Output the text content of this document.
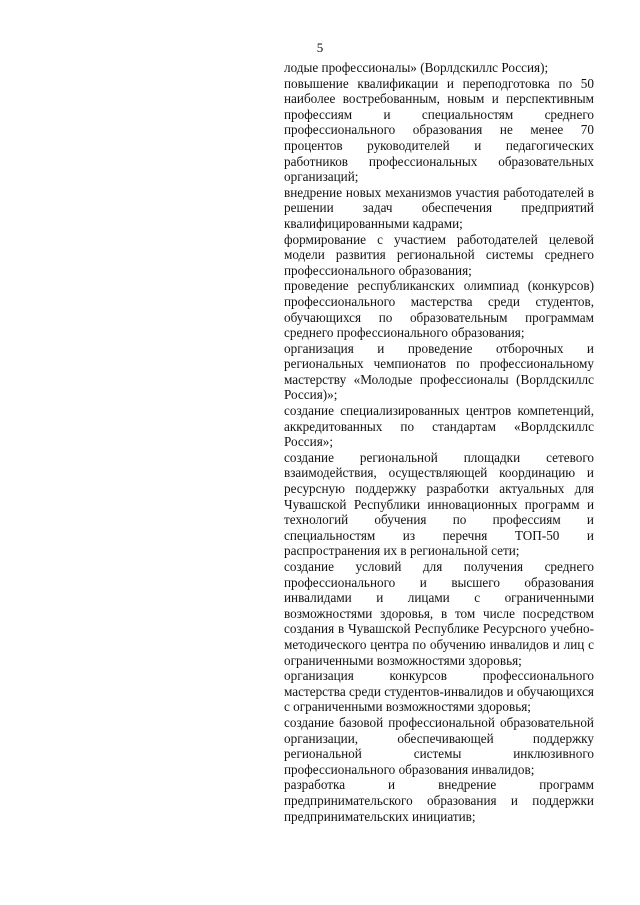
5

лодые профессионалы» (Ворлдскиллс Россия);

повышение квалификации и переподготовка по 50 наиболее востребованным, новым и перспективным профессиям и специальностям среднего профессионального образования не менее 70 процентов руководителей и педагогических работников профессиональных образовательных организаций;

внедрение новых механизмов участия работодателей в решении задач обеспечения предприятий квалифицированными кадрами;

формирование с участием работодателей целевой модели развития региональной системы среднего профессионального образования;

проведение республиканских олимпиад (конкурсов) профессионального мастерства среди студентов, обучающихся по образовательным программам среднего профессионального образования;

организация и проведение отборочных и региональных чемпионатов по профессиональному мастерству «Молодые профессионалы (Ворлдскиллс Россия)»;

создание специализированных центров компетенций, аккредитованных по стандартам «Ворлдскиллс Россия»;

создание региональной площадки сетевого взаимодействия, осуществляющей координацию и ресурсную поддержку разработки актуальных для Чувашской Республики инновационных программ и технологий обучения по профессиям и специальностям из перечня ТОП-50 и распространения их в региональной сети;

создание условий для получения среднего профессионального и высшего образования инвалидами и лицами с ограниченными возможностями здоровья, в том числе посредством создания в Чувашской Республике Ресурсного учебно-методического центра по обучению инвалидов и лиц с ограниченными возможностями здоровья;

организация конкурсов профессионального мастерства среди студентов-инвалидов и обучающихся с ограниченными возможностями здоровья;

создание базовой профессиональной образовательной организации, обеспечивающей поддержку региональной системы инклюзивного профессионального образования инвалидов;

разработка и внедрение программ предпринимательского образования и поддержки предпринимательских инициатив;
